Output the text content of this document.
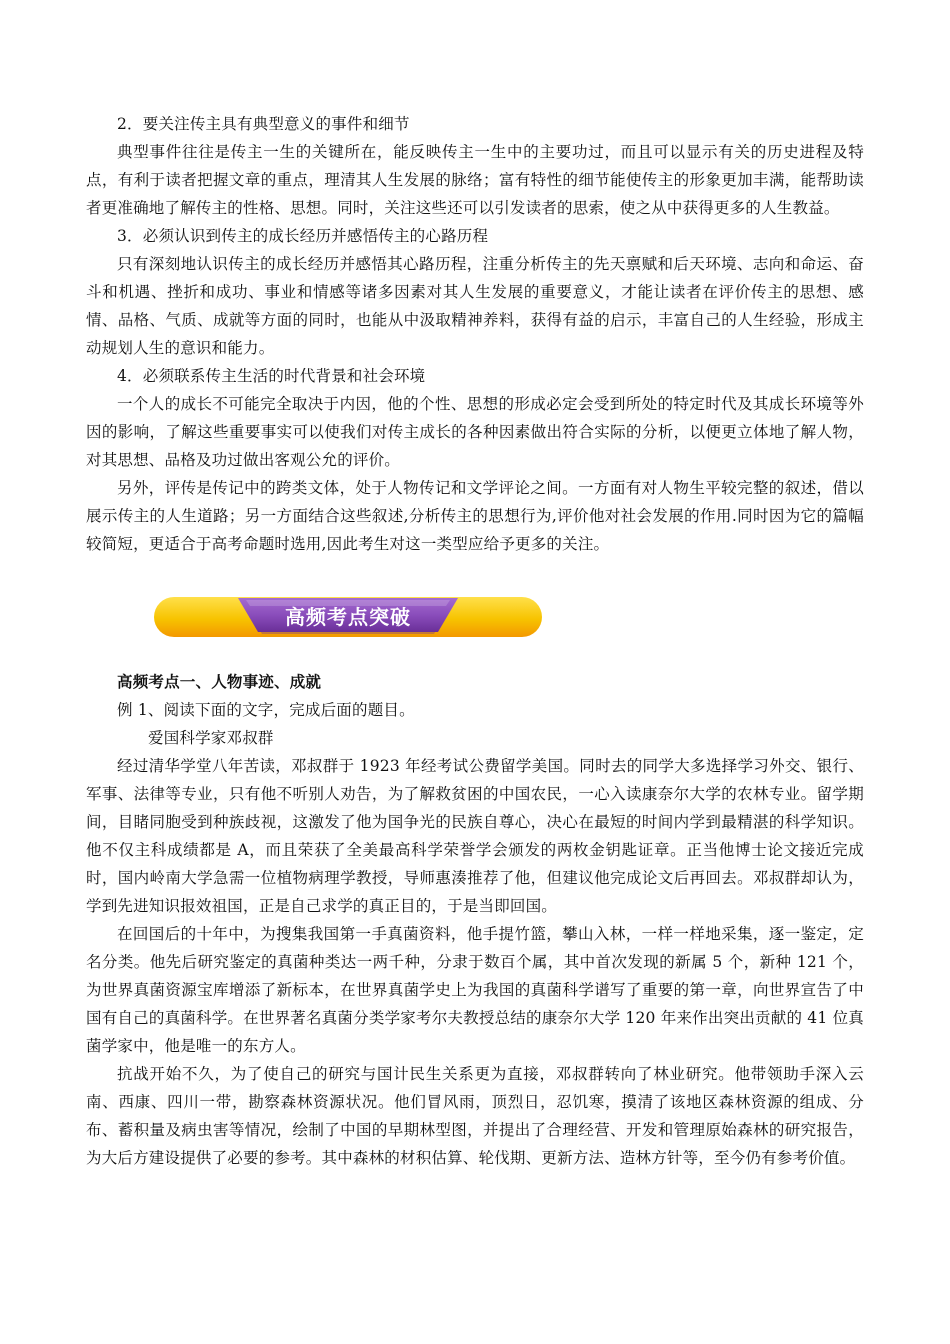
2．要关注传主具有典型意义的事件和细节

典型事件往往是传主一生的关键所在，能反映传主一生中的主要功过，而且可以显示有关的历史进程及特点，有利于读者把握文章的重点，理清其人生发展的脉络；富有特性的细节能使传主的形象更加丰满，能帮助读者更准确地了解传主的性格、思想。同时，关注这些还可以引发读者的思索，使之从中获得更多的人生教益。

3．必须认识到传主的成长经历并感悟传主的心路历程

只有深刻地认识传主的成长经历并感悟其心路历程，注重分析传主的先天禀赋和后天环境、志向和命运、奋斗和机遇、挫折和成功、事业和情感等诸多因素对其人生发展的重要意义，才能让读者在评价传主的思想、感情、品格、气质、成就等方面的同时，也能从中汲取精神养料，获得有益的启示，丰富自己的人生经验，形成主动规划人生的意识和能力。

4．必须联系传主生活的时代背景和社会环境

一个人的成长不可能完全取决于内因，他的个性、思想的形成必定会受到所处的特定时代及其成长环境等外因的影响，了解这些重要事实可以使我们对传主成长的各种因素做出符合实际的分析，以便更立体地了解人物，对其思想、品格及功过做出客观公允的评价。

另外，评传是传记中的跨类文体，处于人物传记和文学评论之间。一方面有对人物生平较完整的叙述，借以展示传主的人生道路；另一方面结合这些叙述,分析传主的思想行为,评价他对社会发展的作用.同时因为它的篇幅较简短，更适合于高考命题时选用,因此考生对这一类型应给予更多的关注。

高频考点突破

高频考点一、人物事迹、成就

例 1、阅读下面的文字，完成后面的题目。

爱国科学家邓叔群

经过清华学堂八年苦读，邓叔群于 1923 年经考试公费留学美国。同时去的同学大多选择学习外交、银行、军事、法律等专业，只有他不听别人劝告，为了解救贫困的中国农民，一心入读康奈尔大学的农林专业。留学期间，目睹同胞受到种族歧视，这激发了他为国争光的民族自尊心，决心在最短的时间内学到最精湛的科学知识。他不仅主科成绩都是 A，而且荣获了全美最高科学荣誉学会颁发的两枚金钥匙证章。正当他博士论文接近完成时，国内岭南大学急需一位植物病理学教授，导师惠湊推荐了他，但建议他完成论文后再回去。邓叔群却认为，学到先进知识报效祖国，正是自己求学的真正目的，于是当即回国。

在回国后的十年中，为搜集我国第一手真菌资料，他手提竹篮，攀山入林，一样一样地采集，逐一鉴定，定名分类。他先后研究鉴定的真菌种类达一两千种，分隶于数百个属，其中首次发现的新属 5 个，新种 121 个，为世界真菌资源宝库增添了新标本，在世界真菌学史上为我国的真菌科学谱写了重要的第一章，向世界宣告了中国有自己的真菌科学。在世界著名真菌分类学家考尔夫教授总结的康奈尔大学 120 年来作出突出贡献的 41 位真菌学家中，他是唯一的东方人。

抗战开始不久，为了使自己的研究与国计民生关系更为直接，邓叔群转向了林业研究。他带领助手深入云南、西康、四川一带，勘察森林资源状况。他们冒风雨，顶烈日，忍饥寒，摸清了该地区森林资源的组成、分布、蓄积量及病虫害等情况，绘制了中国的早期林型图，并提出了合理经营、开发和管理原始森林的研究报告，为大后方建设提供了必要的参考。其中森林的材积估算、轮伐期、更新方法、造林方针等，至今仍有参考价值。
